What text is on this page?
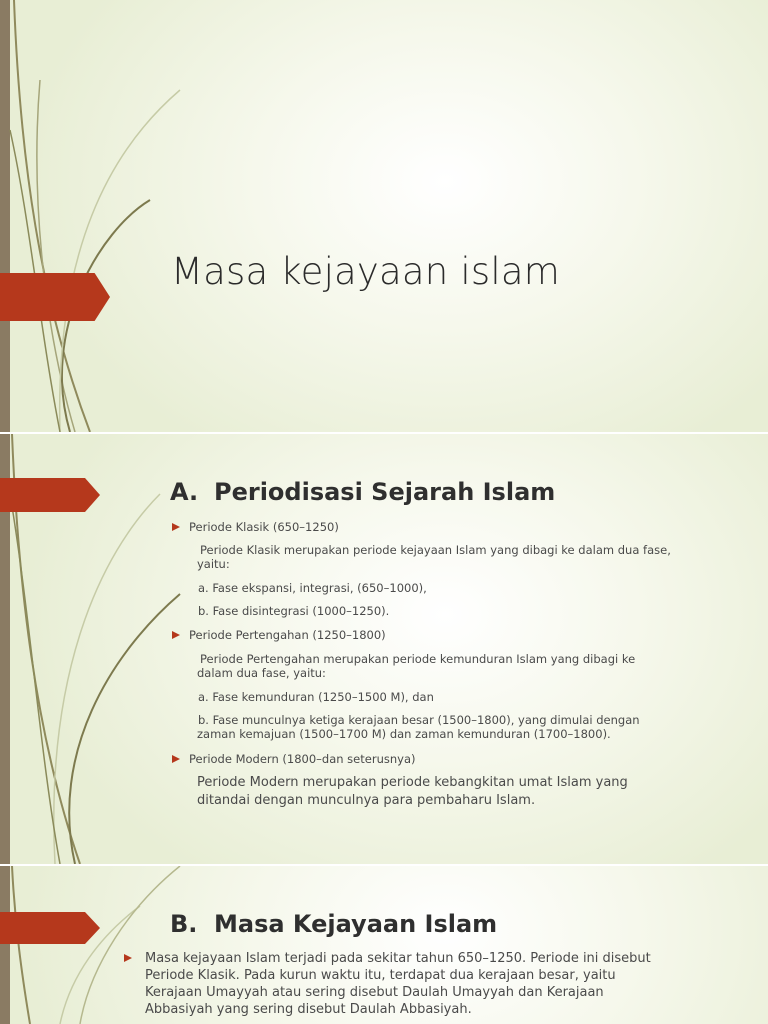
Masa kejayaan islam
A. Periodisasi Sejarah Islam
Periode Klasik (650–1250)
Periode Klasik merupakan periode kejayaan Islam yang dibagi ke dalam dua fase,
yaitu:
a. Fase ekspansi, integrasi, (650–1000),
b. Fase disintegrasi (1000–1250).
Periode Pertengahan (1250–1800)
Periode Pertengahan merupakan periode kemunduran Islam yang dibagi ke
dalam dua fase, yaitu:
a. Fase kemunduran (1250–1500 M), dan
b. Fase munculnya ketiga kerajaan besar (1500–1800), yang dimulai dengan
zaman kemajuan (1500–1700 M) dan zaman kemunduran (1700–1800).
Periode Modern (1800–dan seterusnya)
Periode Modern merupakan periode kebangkitan umat Islam yang
ditandai dengan munculnya para pembaharu Islam.
B. Masa Kejayaan Islam
Masa kejayaan Islam terjadi pada sekitar tahun 650–1250. Periode ini disebut
Periode Klasik. Pada kurun waktu itu, terdapat dua kerajaan besar, yaitu
Kerajaan Umayyah atau sering disebut Daulah Umayyah dan Kerajaan
Abbasiyah yang sering disebut Daulah Abbasiyah.
